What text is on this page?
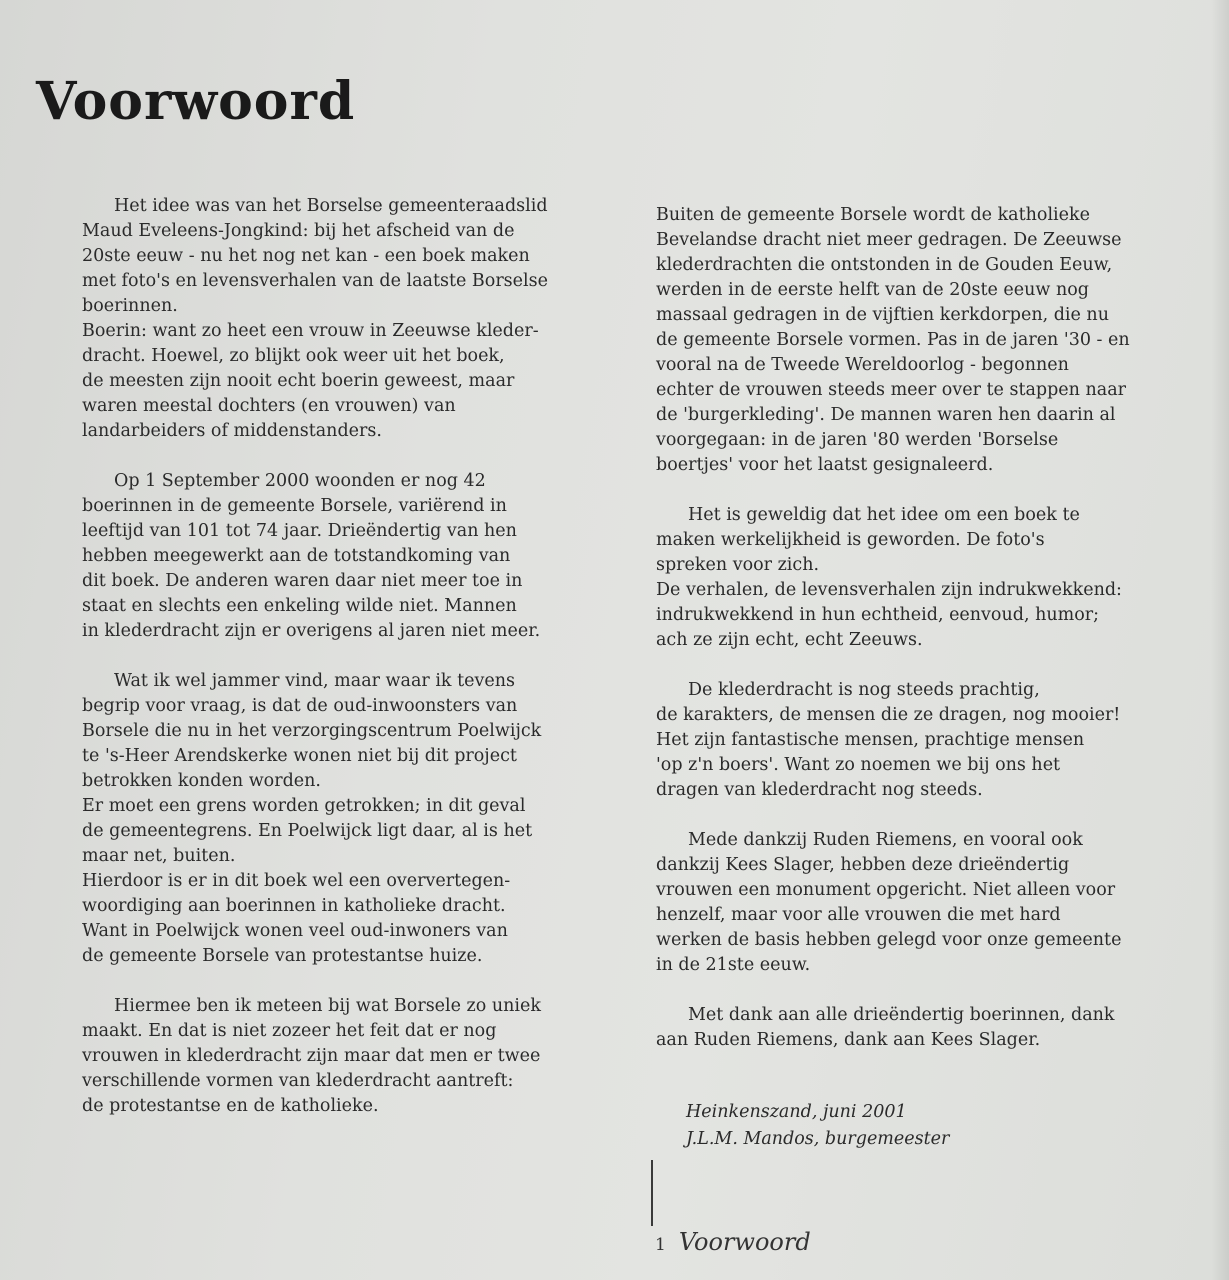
Voorwoord

Het idee was van het Borselse gemeenteraadslid
Maud Eveleens-Jongkind: bij het afscheid van de
20ste eeuw - nu het nog net kan - een boek maken
met foto's en levensverhalen van de laatste Borselse
boerinnen.
Boerin: want zo heet een vrouw in Zeeuwse kleder-
dracht. Hoewel, zo blijkt ook weer uit het boek,
de meesten zijn nooit echt boerin geweest, maar
waren meestal dochters (en vrouwen) van
landarbeiders of middenstanders.

Op 1 September 2000 woonden er nog 42
boerinnen in de gemeente Borsele, variërend in
leeftijd van 101 tot 74 jaar. Drieëndertig van hen
hebben meegewerkt aan de totstandkoming van
dit boek. De anderen waren daar niet meer toe in
staat en slechts een enkeling wilde niet. Mannen
in klederdracht zijn er overigens al jaren niet meer.

Wat ik wel jammer vind, maar waar ik tevens
begrip voor vraag, is dat de oud-inwoonsters van
Borsele die nu in het verzorgingscentrum Poelwijck
te 's-Heer Arendskerke wonen niet bij dit project
betrokken konden worden.
Er moet een grens worden getrokken; in dit geval
de gemeentegrens. En Poelwijck ligt daar, al is het
maar net, buiten.
Hierdoor is er in dit boek wel een oververtegen-
woordiging aan boerinnen in katholieke dracht.
Want in Poelwijck wonen veel oud-inwoners van
de gemeente Borsele van protestantse huize.

Hiermee ben ik meteen bij wat Borsele zo uniek
maakt. En dat is niet zozeer het feit dat er nog
vrouwen in klederdracht zijn maar dat men er twee
verschillende vormen van klederdracht aantreft:
de protestantse en de katholieke.

Buiten de gemeente Borsele wordt de katholieke
Bevelandse dracht niet meer gedragen. De Zeeuwse
klederdrachten die ontstonden in de Gouden Eeuw,
werden in de eerste helft van de 20ste eeuw nog
massaal gedragen in de vijftien kerkdorpen, die nu
de gemeente Borsele vormen. Pas in de jaren '30 - en
vooral na de Tweede Wereldoorlog - begonnen
echter de vrouwen steeds meer over te stappen naar
de 'burgerkleding'. De mannen waren hen daarin al
voorgegaan: in de jaren '80 werden 'Borselse
boertjes' voor het laatst gesignaleerd.

Het is geweldig dat het idee om een boek te
maken werkelijkheid is geworden. De foto's
spreken voor zich.
De verhalen, de levensverhalen zijn indrukwekkend:
indrukwekkend in hun echtheid, eenvoud, humor;
ach ze zijn echt, echt Zeeuws.

De klederdracht is nog steeds prachtig,
de karakters, de mensen die ze dragen, nog mooier!
Het zijn fantastische mensen, prachtige mensen
'op z'n boers'. Want zo noemen we bij ons het
dragen van klederdracht nog steeds.

Mede dankzij Ruden Riemens, en vooral ook
dankzij Kees Slager, hebben deze drieëndertig
vrouwen een monument opgericht. Niet alleen voor
henzelf, maar voor alle vrouwen die met hard
werken de basis hebben gelegd voor onze gemeente
in de 21ste eeuw.

Met dank aan alle drieëndertig boerinnen, dank
aan Ruden Riemens, dank aan Kees Slager.

Heinkenszand, juni 2001
J.L.M. Mandos, burgemeester
1 Voorwoord
